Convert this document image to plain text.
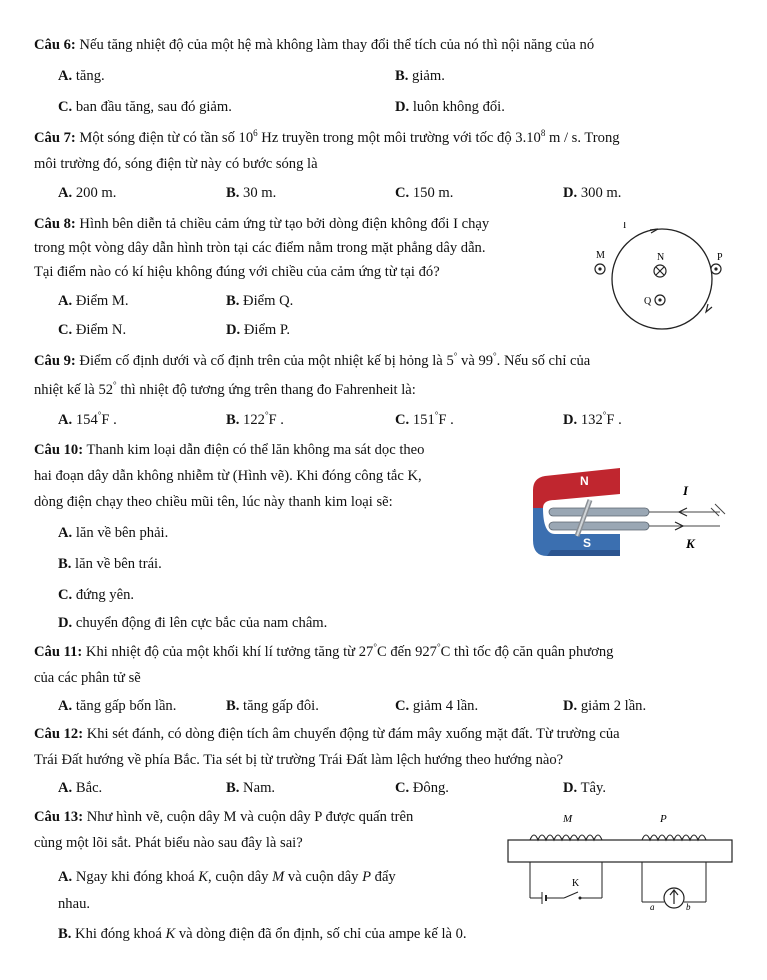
Câu 6: Nếu tăng nhiệt độ của một hệ mà không làm thay đổi thể tích của nó thì nội năng của nó
A. tăng.	B. giảm.
C. ban đầu tăng, sau đó giảm.	D. luôn không đổi.
Câu 7: Một sóng điện từ có tần số $10^6$ Hz truyền trong một môi trường với tốc độ 3.10$^8$ m / s. Trong
môi trường đó, sóng điện từ này có bước sóng là
A. 200 m.	B. 30 m.	C. 150 m.	D. 300 m.
Câu 8: Hình bên diễn tả chiều cảm ứng từ tạo bởi dòng điện không đổi I chạy
trong một vòng dây dẫn hình tròn tại các điểm nằm trong mặt phẳng dây dẫn.
Tại điểm nào có kí hiệu không đúng với chiều của cảm ứng từ tại đó?
A. Điểm M.	B. Điểm Q.
C. Điểm N.	D. Điểm P.
I
M	N	P
Q
Câu 9: Điểm cố định dưới và cố định trên của một nhiệt kế bị hỏng là 5° và 99°. Nếu số chỉ của
nhiệt kế là 52° thì nhiệt độ tương ứng trên thang đo Fahrenheit là:
A. 154°F .	B. 122°F .	C. 151°F .	D. 132°F .
Câu 10: Thanh kim loại dẫn điện có thể lăn không ma sát dọc theo
hai đoạn dây dẫn không nhiễm từ (Hình vẽ). Khi đóng công tắc K,
dòng điện chạy theo chiều mũi tên, lúc này thanh kim loại sẽ:
A. lăn về bên phải.
B. lăn về bên trái.
C. đứng yên.
D. chuyển động đi lên cực bắc của nam châm.
N
S
I
K
Câu 11: Khi nhiệt độ của một khối khí lí tưởng tăng từ 27°C đến 927°C thì tốc độ căn quân phương
của các phân tử sẽ
A. tăng gấp bốn lần.	B. tăng gấp đôi.	C. giảm 4 lần.	D. giảm 2 lần.
Câu 12: Khi sét đánh, có dòng điện tích âm chuyển động từ đám mây xuống mặt đất. Từ trường của
Trái Đất hướng về phía Bắc. Tia sét bị từ trường Trái Đất làm lệch hướng theo hướng nào?
A. Bắc.	B. Nam.	C. Đông.	D. Tây.
Câu 13: Như hình vẽ, cuộn dây M và cuộn dây P được quấn trên
cùng một lõi sắt. Phát biểu nào sau đây là sai?
A. Ngay khi đóng khoá K, cuộn dây M và cuộn dây P đẩy
nhau.
B. Khi đóng khoá K và dòng điện đã ổn định, số chỉ của ampe kế là 0.
M	P
K
a	b
